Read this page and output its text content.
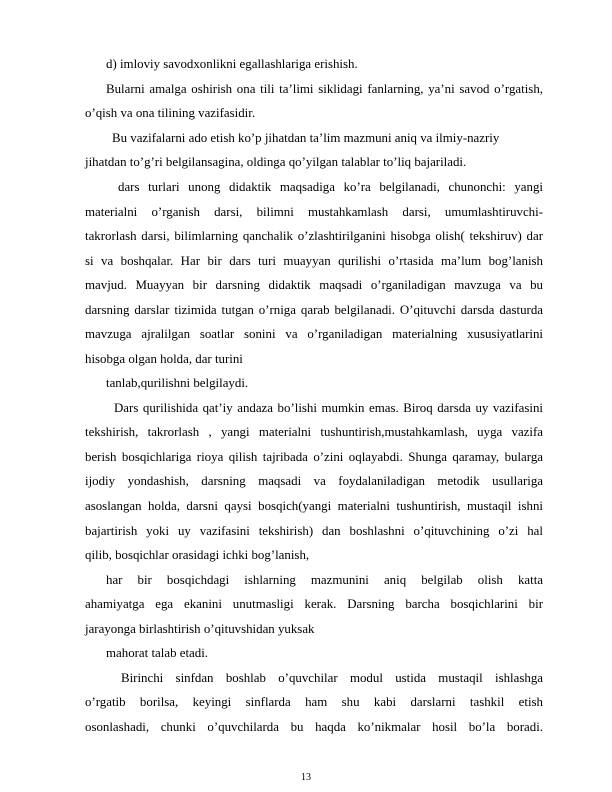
d) imloviy savodxonlikni egallashlariga erishish.
Bularni amalga oshirish ona tili ta’limi siklidagi fanlarning, ya’ni savod o’rgatish,
o’qish va ona tilining vazifasidir.
Bu vazifalarni ado etish ko’p jihatdan ta’lim mazmuni aniq va ilmiy-nazriy
jihatdan to’g’ri belgilansagina, oldinga qo’yilgan talablar to’liq bajariladi.
dars turlari unong didaktik maqsadiga ko’ra belgilanadi, chunonchi: yangi
materialni o’rganish darsi, bilimni mustahkamlash darsi, umumlashtiruvchi-
takrorlash darsi, bilimlarning qanchalik o’zlashtirilganini hisobga olish( tekshiruv) dar
si va boshqalar. Har bir dars turi muayyan qurilishi o’rtasida ma’lum bog’lanish
mavjud. Muayyan bir darsning didaktik maqsadi o’rganiladigan mavzuga va bu
darsning darslar tizimida tutgan o’rniga qarab belgilanadi. O’qituvchi darsda dasturda
mavzuga ajralilgan soatlar sonini va o’rganiladigan materialning xususiyatlarini
hisobga olgan holda, dar turini
tanlab,qurilishni belgilaydi.
Dars qurilishida qat’iy andaza bo’lishi mumkin emas. Biroq darsda uy vazifasini
tekshirish, takrorlash , yangi materialni tushuntirish,mustahkamlash, uyga vazifa
berish bosqichlariga rioya qilish tajribada o’zini oqlayabdi. Shunga qaramay, bularga
ijodiy yondashish, darsning maqsadi va foydalaniladigan metodik usullariga
asoslangan holda, darsni qaysi bosqich(yangi materialni tushuntirish, mustaqil ishni
bajartirish yoki uy vazifasini tekshirish) dan boshlashni o’qituvchining o’zi hal
qilib, bosqichlar orasidagi ichki bog’lanish,
har bir bosqichdagi ishlarning mazmunini aniq belgilab olish katta
ahamiyatga ega ekanini unutmasligi kerak. Darsning barcha bosqichlarini bir
jarayonga birlashtirish o’qituvshidan yuksak
mahorat talab etadi.
Birinchi sinfdan boshlab o’quvchilar modul ustida mustaqil ishlashga
o’rgatib borilsa, keyingi sinflarda ham shu kabi darslarni tashkil etish
osonlashadi, chunki o’quvchilarda bu haqda ko’nikmalar hosil bo’la boradi.
13
